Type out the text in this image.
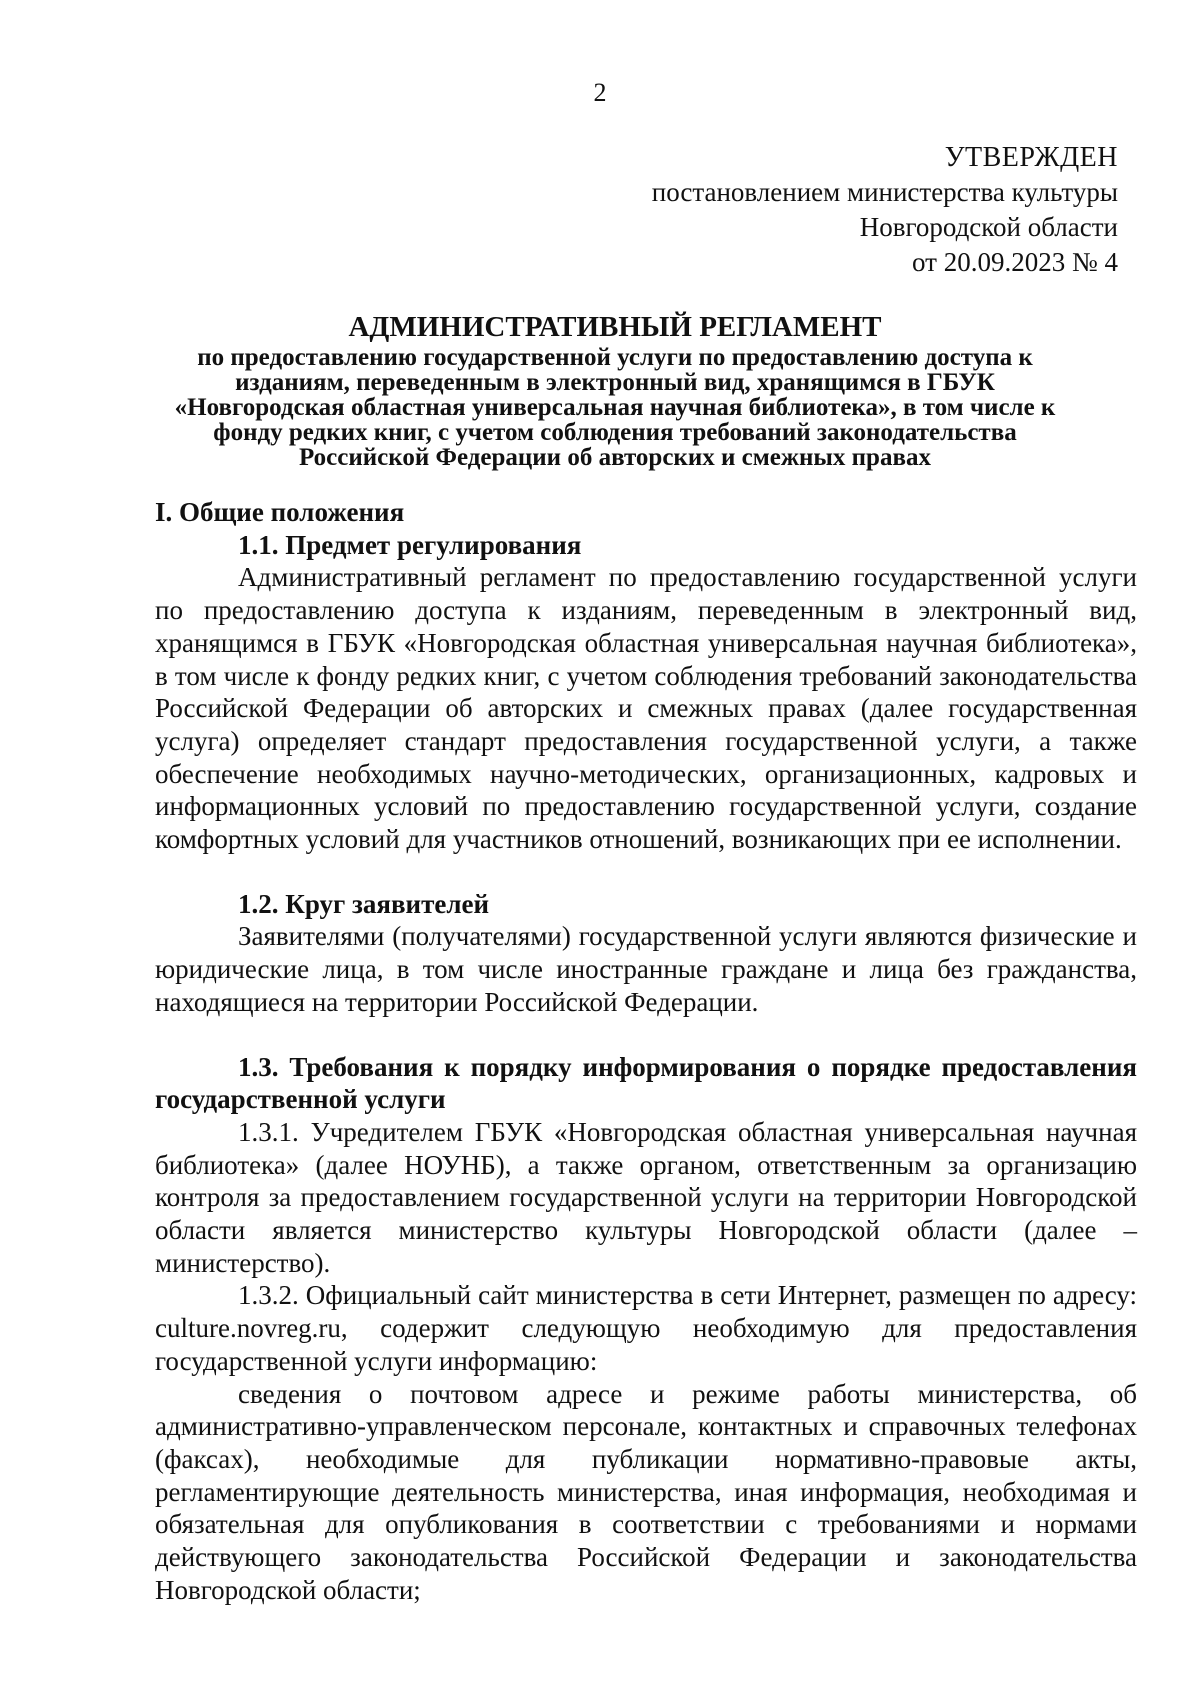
2
УТВЕРЖДЕН
постановлением министерства культуры
Новгородской области
от 20.09.2023 № 4
АДМИНИСТРАТИВНЫЙ РЕГЛАМЕНТ
по предоставлению государственной услуги по предоставлению доступа к
изданиям, переведенным в электронный вид, хранящимся в ГБУК
«Новгородская областная универсальная научная библиотека», в том числе к
фонду редких книг, с учетом соблюдения требований законодательства
Российской Федерации об авторских и смежных правах

I. Общие положения

1.1. Предмет регулирования

Административный регламент по предоставлению государственной услуги по предоставлению доступа к изданиям, переведенным в электронный вид, хранящимся в ГБУК «Новгородская областная универсальная научная библиотека», в том числе к фонду редких книг, с учетом соблюдения требований законодательства Российской Федерации об авторских и смежных правах (далее государственная услуга) определяет стандарт предоставления государственной услуги, а также обеспечение необходимых научно-методических, организационных, кадровых и информационных условий по предоставлению государственной услуги, создание комфортных условий для участников отношений, возникающих при ее исполнении.

1.2. Круг заявителей

Заявителями (получателями) государственной услуги являются физические и юридические лица, в том числе иностранные граждане и лица без гражданства, находящиеся на территории Российской Федерации.

1.3. Требования к порядку информирования о порядке предоставления государственной услуги

1.3.1. Учредителем ГБУК «Новгородская областная универсальная научная библиотека» (далее НОУНБ), а также органом, ответственным за организацию контроля за предоставлением государственной услуги на территории Новгородской области является министерство культуры Новгородской области (далее – министерство).

1.3.2. Официальный сайт министерства в сети Интернет, размещен по адресу: culture.novreg.ru, содержит следующую необходимую для предоставления государственной услуги информацию:

сведения о почтовом адресе и режиме работы министерства, об административно-управленческом персонале, контактных и справочных телефонах (факсах), необходимые для публикации нормативно-правовые акты, регламентирующие деятельность министерства, иная информация, необходимая и обязательная для опубликования в соответствии с требованиями и нормами действующего законодательства Российской Федерации и законодательства Новгородской области;
